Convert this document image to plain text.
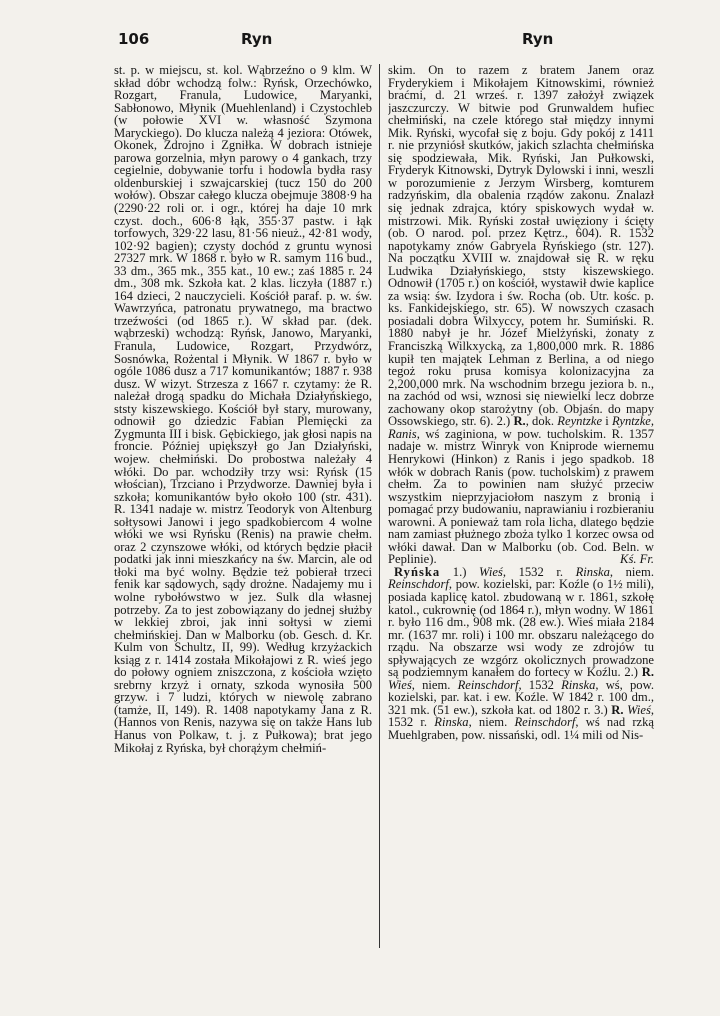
106	Ryn	Ryn

st. p. w miejscu, st. kol. Wąbrzeźno o 9 klm. W skład dóbr wchodzą folw.: Ryńsk, Orzechówko, Rozgart, Franula, Ludowice, Maryanki, Sabłonowo, Młynik (Muehlenland) i Czystochleb (w połowie XVI w. własność Szymona Maryckiego). Do klucza należą 4 jeziora: Otówek, Okonek, Zdrojno i Zgniłka. W dobrach istnieje parowa gorzelnia, młyn parowy o 4 gankach, trzy cegielnie, dobywanie torfu i hodowla bydła rasy oldenburskiej i szwajcarskiej (tucz 150 do 200 wołów). Obszar całego klucza obejmuje 3808·9 ha (2290·22 roli or. i ogr., której ha daje 10 mrk czyst. doch., 606·8 łąk, 355·37 pastw. i łąk torfowych, 329·22 lasu, 81·56 nieuż., 42·81 wody, 102·92 bagien); czysty dochód z gruntu wynosi 27327 mrk. W 1868 r. było w R. samym 116 bud., 33 dm., 365 mk., 355 kat., 10 ew.; zaś 1885 r. 24 dm., 308 mk. Szkoła kat. 2 klas. liczyła (1887 r.) 164 dzieci, 2 nauczycieli. Kościół paraf. p. w. św. Wawrzyńca, patronatu prywatnego, ma bractwo trzeźwości (od 1865 r.). W skład par. (dek. wąbrzeski) wchodzą: Ryńsk, Janowo, Maryanki, Franula, Ludowice, Rozgart, Przydwórz, Sosnówka, Rożental i Młynik. W 1867 r. było w ogóle 1086 dusz a 717 komunikantów; 1887 r. 938 dusz. W wizyt. Strzesza z 1667 r. czytamy: że R. należał drogą spadku do Michała Działyńskiego, ststy kiszewskiego. Kościół był stary, murowany, odnowił go dziedzic Fabian Plemięcki za Zygmunta III i bisk. Gębickiego, jak głosi napis na froncie. Później upiększył go Jan Działyński, wojew. chełmiński. Do probostwa należały 4 włóki. Do par. wchodziły trzy wsi: Ryńsk (15 włościan), Trzciano i Przydworze. Dawniej była i szkoła; komunikantów było około 100 (str. 431). R. 1341 nadaje w. mistrz Teodoryk von Altenburg sołtysowi Janowi i jego spadkobiercom 4 wolne włóki we wsi Ryńsku (Renis) na prawie chełm. oraz 2 czynszowe włóki, od których będzie płacił podatki jak inni mieszkańcy na św. Marcin, ale od tłoki ma być wolny. Będzie też pobierał trzeci fenik kar sądowych, sądy drożne. Nadajemy mu i wolne rybołówstwo w jez. Sulk dla własnej potrzeby. Za to jest zobowiązany do jednej służby w lekkiej zbroi, jak inni sołtysi w ziemi chełmińskiej. Dan w Malborku (ob. Gesch. d. Kr. Kulm von Schultz, II, 99). Według krzyżackich ksiąg z r. 1414 została Mikołajowi z R. wieś jego do połowy ogniem zniszczona, z kościoła wzięto srebrny krzyż i ornaty, szkoda wynosiła 500 grzyw. i 7 ludzi, których w niewolę zabrano (tamże, II, 149). R. 1408 napotykamy Jana z R. (Hannos von Renis, nazywa się on także Hans lub Hanus von Polkaw, t. j. z Pułkowa); brat jego Mikołaj z Ryńska, był chorążym chełmiń-

skim. On to razem z bratem Janem oraz Fryderykiem i Mikołajem Kitnowskimi, również braćmi, d. 21 wrześ. r. 1397 założył związek jaszczurczy. W bitwie pod Grunwaldem hufiec chełmiński, na czele którego stał między innymi Mik. Ryński, wycofał się z boju. Gdy pokój z 1411 r. nie przyniósł skutków, jakich szlachta chełmińska się spodziewała, Mik. Ryński, Jan Pułkowski, Fryderyk Kitnowski, Dytryk Dylowski i inni, weszli w porozumienie z Jerzym Wirsberg, komturem radzyńskim, dla obalenia rządów zakonu. Znalazł się jednak zdrajca, który spiskowych wydał w. mistrzowi. Mik. Ryński został uwięziony i ścięty (ob. O narod. pol. przez Kętrz., 604). R. 1532 napotykamy znów Gabryela Ryńskiego (str. 127). Na początku XVIII w. znajdował się R. w ręku Ludwika Działyńskiego, ststy kiszewskiego. Odnowił (1705 r.) on kościół, wystawił dwie kaplice za wsią: św. Izydora i św. Rocha (ob. Utr. kośc. p. ks. Fankidejskiego, str. 65). W nowszych czasach posiadali dobra Wilxyccy, potem hr. Sumiński. R. 1880 nabył je hr. Józef Mielżyński, żonaty z Franciszką Wilkxycką, za 1,800,000 mrk. R. 1886 kupił ten majątek Lehman z Berlina, a od niego tegoż roku prusa komisya kolonizacyjna za 2,200,000 mrk. Na wschodnim brzegu jeziora b. n., na zachód od wsi, wznosi się niewielki lecz dobrze zachowany okop starożytny (ob. Objaśn. do mapy Ossowskiego, str. 6). 2.) R., dok. Reyntzke i Ryntzke, Ranis, wś zaginiona, w pow. tucholskim. R. 1357 nadaje w. mistrz Winryk von Kniprode wiernemu Henrykowi (Hinkon) z Ranis i jego spadkob. 18 włók w dobrach Ranis (pow. tucholskim) z prawem chełm. Za to powinien nam służyć przeciw wszystkim nieprzyjaciołom naszym z bronią i pomagać przy budowaniu, naprawianiu i rozbieraniu warowni. A ponieważ tam rola licha, dlatego będzie nam zamiast płużnego zboża tylko 1 korzec owsa od włóki dawał. Dan w Malborku (ob. Cod. Beln. w Peplinie).	Kś. Fr.

Ryńska 1.) Wieś, 1532 r. Rinska, niem. Reinschdorf, pow. kozielski, par: Koźle (o 1½ mili), posiada kaplicę katol. zbudowaną w r. 1861, szkołę katol., cukrownię (od 1864 r.), młyn wodny. W 1861 r. było 116 dm., 908 mk. (28 ew.). Wieś miała 2184 mr. (1637 mr. roli) i 100 mr. obszaru należącego do rządu. Na obszarze wsi wody ze zdrojów tu spływających ze wzgórz okolicznych prowadzone są podziemnym kanałem do fortecy w Koźlu. 2.) R. Wieś, niem. Reinschdorf, 1532 Rinska, wś, pow. kozielski, par. kat. i ew. Koźle. W 1842 r. 100 dm., 321 mk. (51 ew.), szkoła kat. od 1802 r. 3.) R. Wieś, 1532 r. Rinska, niem. Reinschdorf, wś nad rzką Muehlgraben, pow. nissański, odl. 1¼ mili od Nis-
